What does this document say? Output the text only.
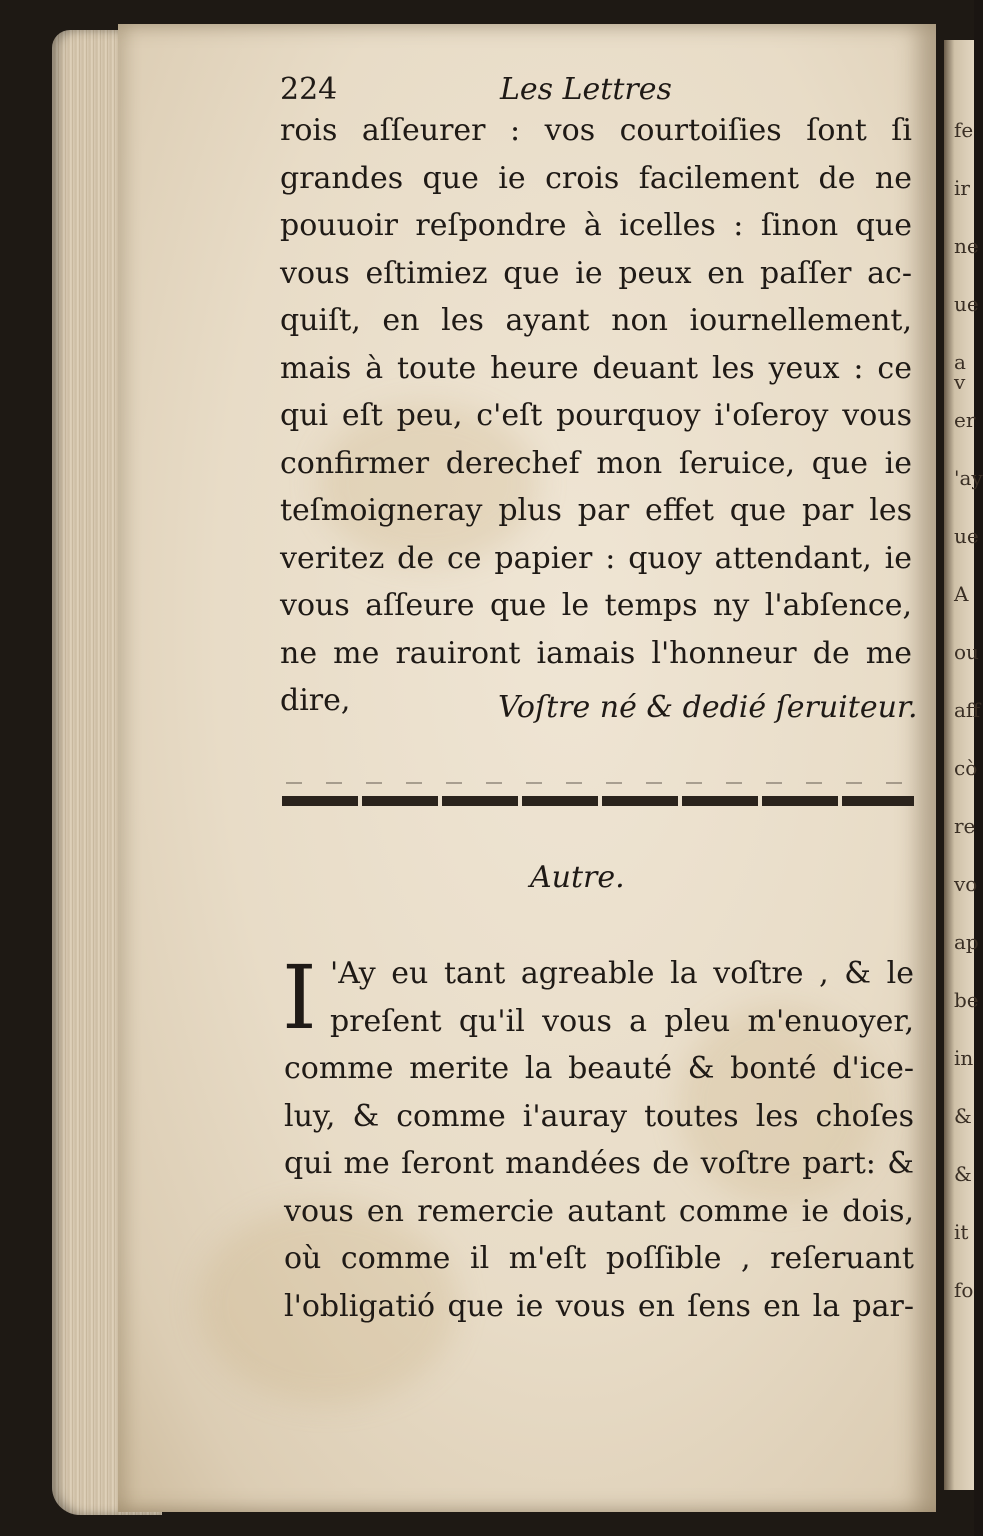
fe
ir
ne
ue
a v
er
'ay
ue
A
ou
aff
cò
re
vo
ap
be
in
&
&
it
fo
224	Les Lettres
rois aſſeurer : vos courtoiſies ſont ſi
grandes que ie crois facilement de ne
pouuoir reſpondre à icelles : ſinon que
vous eſtimiez que ie peux en paſſer ac-
quiſt, en les ayant non iournellement,
mais à toute heure deuant les yeux : ce
qui eſt peu, c'eſt pourquoy i'oſeroy vous
confirmer derechef mon ſeruice, que ie
teſmoigneray plus par effet que par les
veritez de ce papier : quoy attendant, ie
vous aſſeure que le temps ny l'abſence,
ne me rauiront iamais l'honneur de me
dire,	Voſtre né & dedié ſeruiteur.
Autre.
I 'Ay eu tant agreable la voſtre , & le
preſent qu'il vous a pleu m'enuoyer,
comme merite la beauté & bonté d'ice-
luy, & comme i'auray toutes les choſes
qui me ſeront mandées de voſtre part: &
vous en remercie autant comme ie dois,
où comme il m'eſt poſſible , reſeruant
l'obligatió que ie vous en ſens en la par-
